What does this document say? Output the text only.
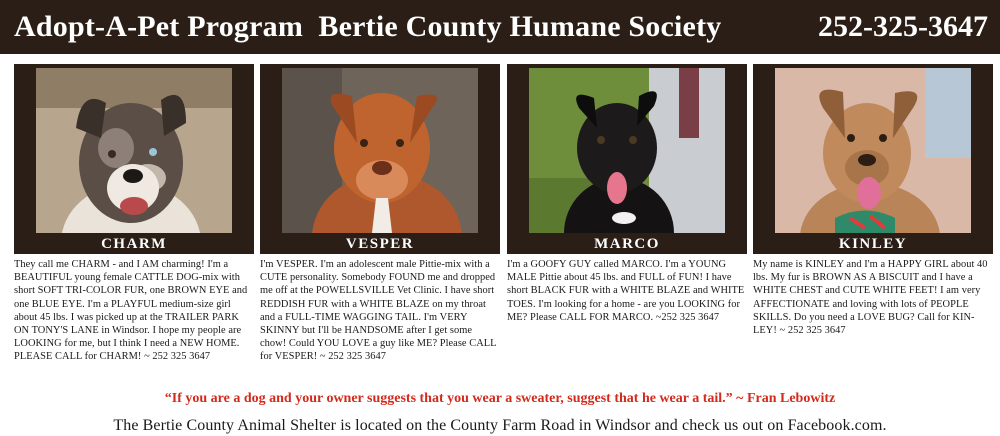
Adopt-A-Pet Program  Bertie County Humane Society	252-325-3647
CHARM
They call me CHARM - and I AM charming! I'm a BEAUTIFUL young female CATTLE DOG-mix with short SOFT TRI-COLOR FUR, one BROWN EYE and one BLUE EYE. I'm a PLAYFUL medium-size girl about 45 lbs. I was picked up at the TRAILER PARK ON TONY'S LANE in Windsor. I hope my people are LOOKING for me, but I think I need a NEW HOME. PLEASE CALL for CHARM! ~ 252 325 3647
VESPER
I'm VESPER. I'm an adolescent male Pittie-mix with a CUTE personality. Somebody FOUND me and dropped me off at the POWELLSVILLE Vet Clinic. I have short REDDISH FUR with a WHITE BLAZE on my throat and a FULL-TIME WAGGING TAIL. I'm VERY SKINNY but I'll be HANDSOME after I get some chow! Could YOU LOVE a guy like ME? Please CALL for VESPER! ~ 252 325 3647
MARCO
I'm a GOOFY GUY called MARCO. I'm a YOUNG MALE Pittie about 45 lbs. and FULL of FUN! I have short BLACK FUR with a WHITE BLAZE and WHITE TOES. I'm looking for a home - are you LOOKING for ME? Please CALL FOR MARCO. ~252 325 3647
KINLEY
My name is KINLEY and I'm a HAPPY GIRL about 40 lbs. My fur is BROWN AS A BISCUIT and I have a WHITE CHEST and CUTE WHITE FEET! I am very AFFECTIONATE and loving with lots of PEOPLE SKILLS. Do you need a LOVE BUG? Call for KIN-LEY! ~ 252 325 3647
“If you are a dog and your owner suggests that you wear a sweater, suggest that he wear a tail.” ~ Fran Lebowitz
The Bertie County Animal Shelter is located on the County Farm Road in Windsor and check us out on Facebook.com.
